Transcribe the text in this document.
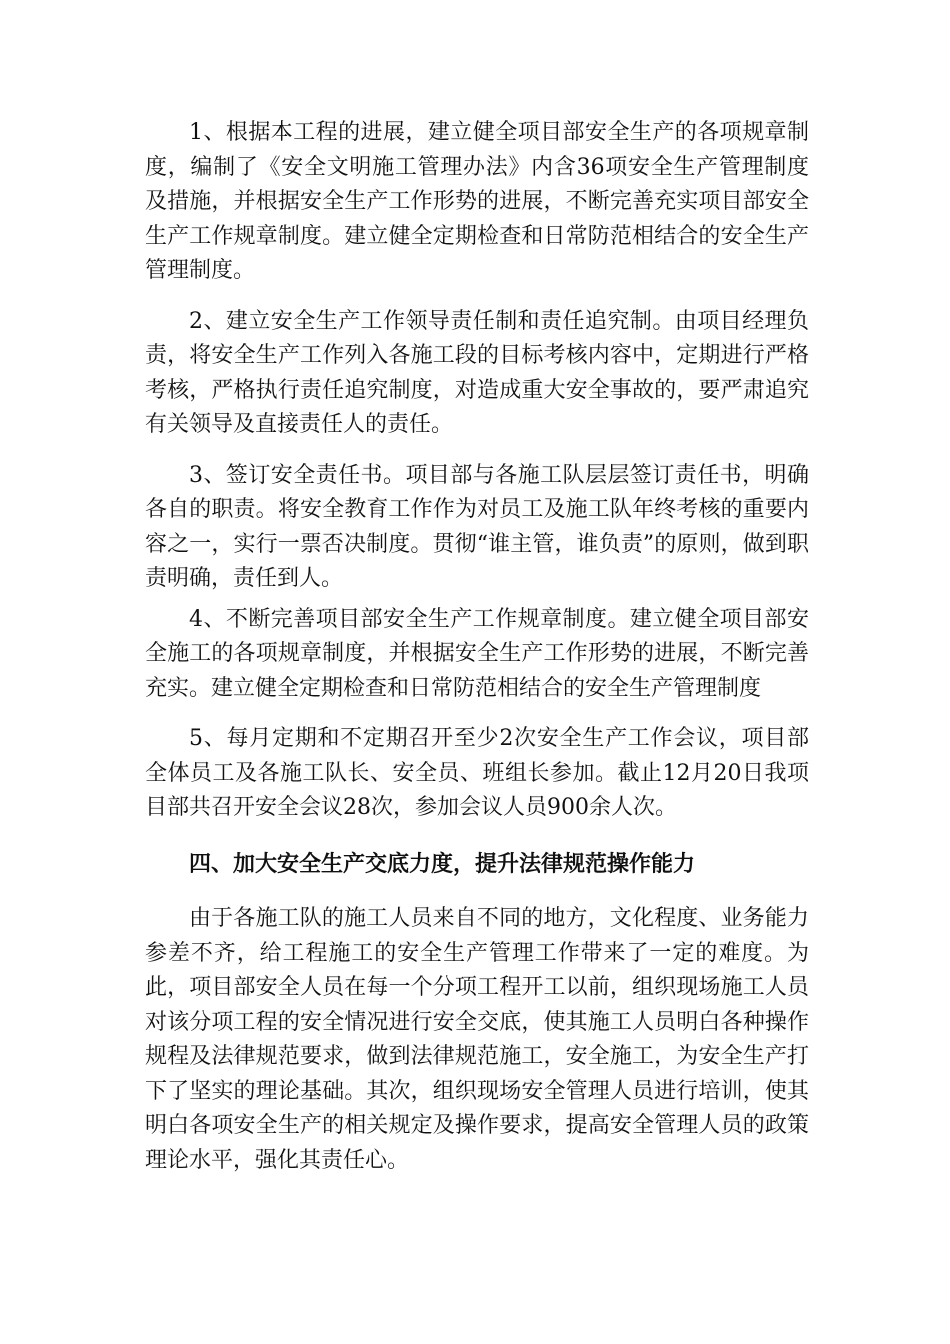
1、根据本工程的进展，建立健全项目部安全生产的各项规章制度，编制了《安全文明施工管理办法》内含36项安全生产管理制度及措施，并根据安全生产工作形势的进展，不断完善充实项目部安全生产工作规章制度。建立健全定期检查和日常防范相结合的安全生产管理制度。

2、建立安全生产工作领导责任制和责任追究制。由项目经理负责，将安全生产工作列入各施工段的目标考核内容中，定期进行严格考核，严格执行责任追究制度，对造成重大安全事故的，要严肃追究有关领导及直接责任人的责任。

3、签订安全责任书。项目部与各施工队层层签订责任书，明确各自的职责。将安全教育工作作为对员工及施工队年终考核的重要内容之一，实行一票否决制度。贯彻“谁主管，谁负责”的原则，做到职责明确，责任到人。

4、不断完善项目部安全生产工作规章制度。建立健全项目部安全施工的各项规章制度，并根据安全生产工作形势的进展，不断完善充实。建立健全定期检查和日常防范相结合的安全生产管理制度

5、每月定期和不定期召开至少2次安全生产工作会议，项目部全体员工及各施工队长、安全员、班组长参加。截止12月20日我项目部共召开安全会议28次，参加会议人员900余人次。

四、加大安全生产交底力度，提升法律规范操作能力

由于各施工队的施工人员来自不同的地方，文化程度、业务能力参差不齐，给工程施工的安全生产管理工作带来了一定的难度。为此，项目部安全人员在每一个分项工程开工以前，组织现场施工人员对该分项工程的安全情况进行安全交底，使其施工人员明白各种操作规程及法律规范要求，做到法律规范施工，安全施工，为安全生产打下了坚实的理论基础。其次，组织现场安全管理人员进行培训，使其明白各项安全生产的相关规定及操作要求，提高安全管理人员的政策理论水平，强化其责任心。
